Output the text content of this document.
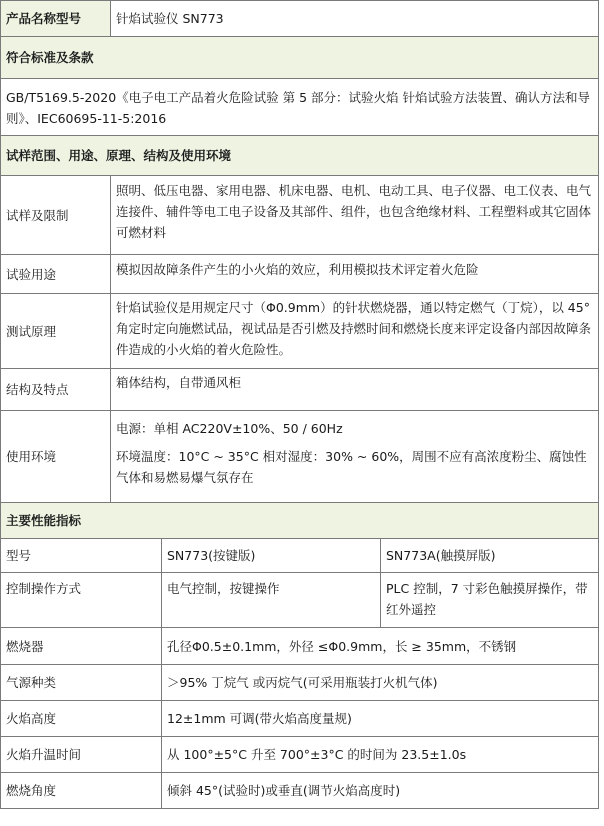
产品名称型号	针焰试验仪 SN773		
符合标准及条款			
GB/T5169.5-2020《电子电工产品着火危险试验 第 5 部分：试验火焰 针焰试验方法装置、确认方法和导则》、IEC60695-11-5:2016			
试样范围、用途、原理、结构及使用环境			
试样及限制	照明、低压电器、家用电器、机床电器、电机、电动工具、电子仪器、电工仪表、电气连接件、辅件等电工电子设备及其部件、组件，也包含绝缘材料、工程塑料或其它固体可燃材料		
试验用途	模拟因故障条件产生的小火焰的效应，利用模拟技术评定着火危险		
测试原理	针焰试验仪是用规定尺寸（Φ0.9mm）的针状燃烧器，通以特定燃气（丁烷），以 45° 角定时定向施燃试品，视试品是否引燃及持燃时间和燃烧长度来评定设备内部因故障条件造成的小火焰的着火危险性。		
结构及特点	箱体结构，自带通风柜		
使用环境	电源：单相 AC220V±10%、50 / 60Hz

环境温度：10°C ~ 35°C 相对湿度：30% ~ 60%，周围不应有高浓度粉尘、腐蚀性气体和易燃易爆气氛存在		

主要性能指标			
型号		SN773(按键版)	SN773A(触摸屏版)
控制操作方式		电气控制，按键操作	PLC 控制，7 寸彩色触摸屏操作，带红外遥控
燃烧器		孔径Φ0.5±0.1mm，外径 ≤Φ0.9mm，长 ≥ 35mm，不锈钢	
气源种类		＞95% 丁烷气 或丙烷气(可采用瓶装打火机气体)	
火焰高度		12±1mm 可调(带火焰高度量规)	
火焰升温时间		从 100°±5°C 升至 700°±3°C 的时间为 23.5±1.0s	
燃烧角度		倾斜 45°(试验时)或垂直(调节火焰高度时)	
